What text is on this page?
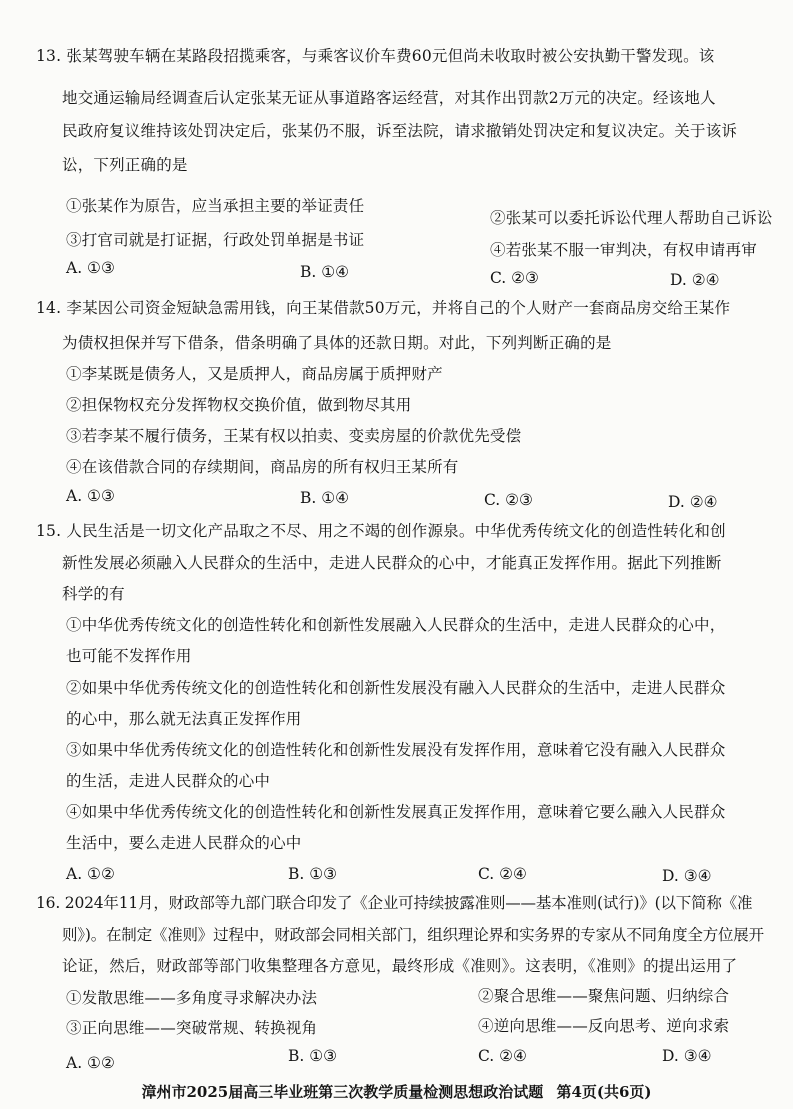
13. 张某驾驶车辆在某路段招揽乘客，与乘客议价车费60元但尚未收取时被公安执勤干警发现。该
地交通运输局经调查后认定张某无证从事道路客运经营，对其作出罚款2万元的决定。经该地人
民政府复议维持该处罚决定后，张某仍不服，诉至法院，请求撤销处罚决定和复议决定。关于该诉
讼，下列正确的是
①张某作为原告，应当承担主要的举证责任
②张某可以委托诉讼代理人帮助自己诉讼
③打官司就是打证据，行政处罚单据是书证
④若张某不服一审判决，有权申请再审
A. ①③	B. ①④	C. ②③	D. ②④
14. 李某因公司资金短缺急需用钱，向王某借款50万元，并将自己的个人财产一套商品房交给王某作
为债权担保并写下借条，借条明确了具体的还款日期。对此，下列判断正确的是
①李某既是债务人，又是质押人，商品房属于质押财产
②担保物权充分发挥物权交换价值，做到物尽其用
③若李某不履行债务，王某有权以拍卖、变卖房屋的价款优先受偿
④在该借款合同的存续期间，商品房的所有权归王某所有
A. ①③	B. ①④	C. ②③	D. ②④
15. 人民生活是一切文化产品取之不尽、用之不竭的创作源泉。中华优秀传统文化的创造性转化和创
新性发展必须融入人民群众的生活中，走进人民群众的心中，才能真正发挥作用。据此下列推断
科学的有
①中华优秀传统文化的创造性转化和创新性发展融入人民群众的生活中，走进人民群众的心中，
也可能不发挥作用
②如果中华优秀传统文化的创造性转化和创新性发展没有融入人民群众的生活中，走进人民群众
的心中，那么就无法真正发挥作用
③如果中华优秀传统文化的创造性转化和创新性发展没有发挥作用，意味着它没有融入人民群众
的生活，走进人民群众的心中
④如果中华优秀传统文化的创造性转化和创新性发展真正发挥作用，意味着它要么融入人民群众
生活中，要么走进人民群众的心中
A. ①②	B. ①③	C. ②④	D. ③④
16. 2024年11月，财政部等九部门联合印发了《企业可持续披露准则——基本准则(试行)》(以下简称《准
则》)。在制定《准则》过程中，财政部会同相关部门，组织理论界和实务界的专家从不同角度全方位展开
论证，然后，财政部等部门收集整理各方意见，最终形成《准则》。这表明，《准则》的提出运用了
①发散思维——多角度寻求解决办法	②聚合思维——聚焦问题、归纳综合
③正向思维——突破常规、转换视角	④逆向思维——反向思考、逆向求索
A. ①②	B. ①③	C. ②④	D. ③④
漳州市2025届高三毕业班第三次教学质量检测思想政治试题 第4页(共6页)
